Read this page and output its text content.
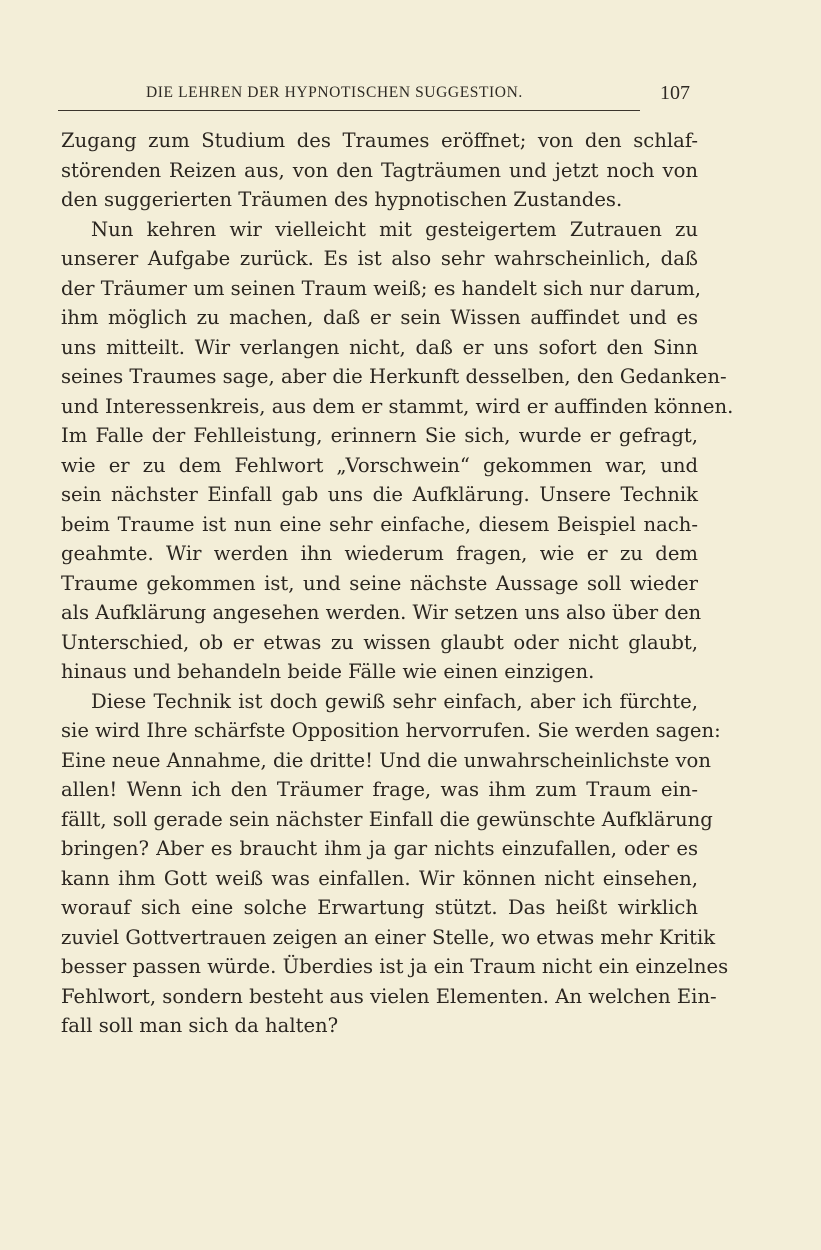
DIE LEHREN DER HYPNOTISCHEN SUGGESTION.	107
Zugang zum Studium des Traumes eröffnet; von den schlaf-
störenden Reizen aus, von den Tagträumen und jetzt noch von
den suggerierten Träumen des hypnotischen Zustandes.
Nun kehren wir vielleicht mit gesteigertem Zutrauen zu
unserer Aufgabe zurück. Es ist also sehr wahrscheinlich, daß
der Träumer um seinen Traum weiß; es handelt sich nur darum,
ihm möglich zu machen, daß er sein Wissen auffindet und es
uns mitteilt. Wir verlangen nicht, daß er uns sofort den Sinn
seines Traumes sage, aber die Herkunft desselben, den Gedanken-
und Interessenkreis, aus dem er stammt, wird er auffinden können.
Im Falle der Fehlleistung, erinnern Sie sich, wurde er gefragt,
wie er zu dem Fehlwort „Vorschwein“ gekommen war, und
sein nächster Einfall gab uns die Aufklärung. Unsere Technik
beim Traume ist nun eine sehr einfache, diesem Beispiel nach-
geahmte. Wir werden ihn wiederum fragen, wie er zu dem
Traume gekommen ist, und seine nächste Aussage soll wieder
als Aufklärung angesehen werden. Wir setzen uns also über den
Unterschied, ob er etwas zu wissen glaubt oder nicht glaubt,
hinaus und behandeln beide Fälle wie einen einzigen.
Diese Technik ist doch gewiß sehr einfach, aber ich fürchte,
sie wird Ihre schärfste Opposition hervorrufen. Sie werden sagen:
Eine neue Annahme, die dritte! Und die unwahrscheinlichste von
allen! Wenn ich den Träumer frage, was ihm zum Traum ein-
fällt, soll gerade sein nächster Einfall die gewünschte Aufklärung
bringen? Aber es braucht ihm ja gar nichts einzufallen, oder es
kann ihm Gott weiß was einfallen. Wir können nicht einsehen,
worauf sich eine solche Erwartung stützt. Das heißt wirklich
zuviel Gottvertrauen zeigen an einer Stelle, wo etwas mehr Kritik
besser passen würde. Überdies ist ja ein Traum nicht ein einzelnes
Fehlwort, sondern besteht aus vielen Elementen. An welchen Ein-
fall soll man sich da halten?
